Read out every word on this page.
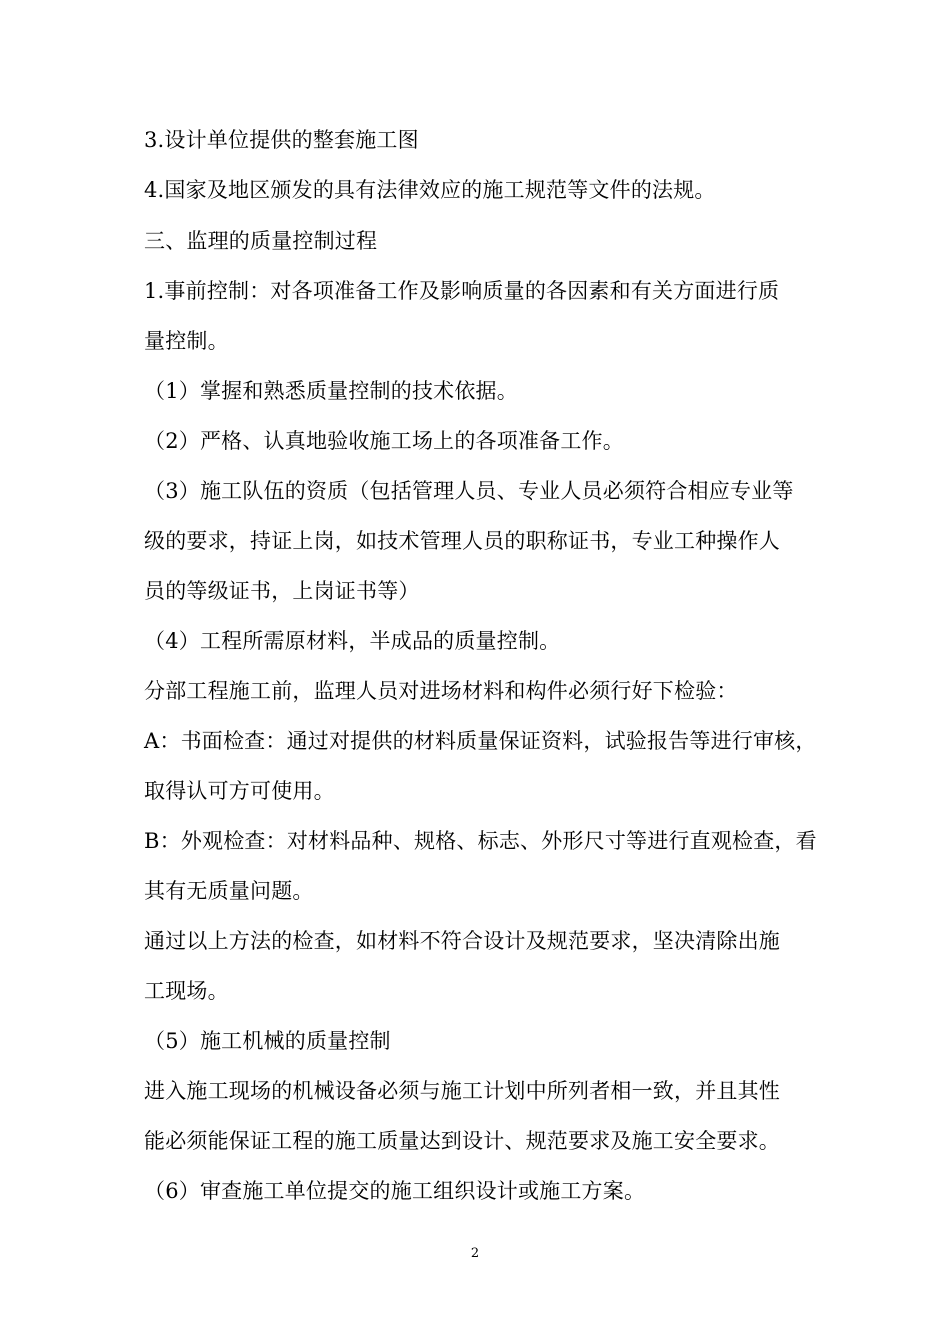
3.设计单位提供的整套施工图
4.国家及地区颁发的具有法律效应的施工规范等文件的法规。
三、监理的质量控制过程
1.事前控制：对各项准备工作及影响质量的各因素和有关方面进行质
量控制。
（1）掌握和熟悉质量控制的技术依据。
（2）严格、认真地验收施工场上的各项准备工作。
（3）施工队伍的资质（包括管理人员、专业人员必须符合相应专业等
级的要求，持证上岗，如技术管理人员的职称证书，专业工种操作人
员的等级证书，上岗证书等）
（4）工程所需原材料，半成品的质量控制。
分部工程施工前，监理人员对进场材料和构件必须行好下检验：
A：书面检查：通过对提供的材料质量保证资料，试验报告等进行审核，
取得认可方可使用。
B：外观检查：对材料品种、规格、标志、外形尺寸等进行直观检查，看
其有无质量问题。
通过以上方法的检查，如材料不符合设计及规范要求，坚决清除出施
工现场。
（5）施工机械的质量控制
进入施工现场的机械设备必须与施工计划中所列者相一致，并且其性
能必须能保证工程的施工质量达到设计、规范要求及施工安全要求。
（6）审查施工单位提交的施工组织设计或施工方案。
2
